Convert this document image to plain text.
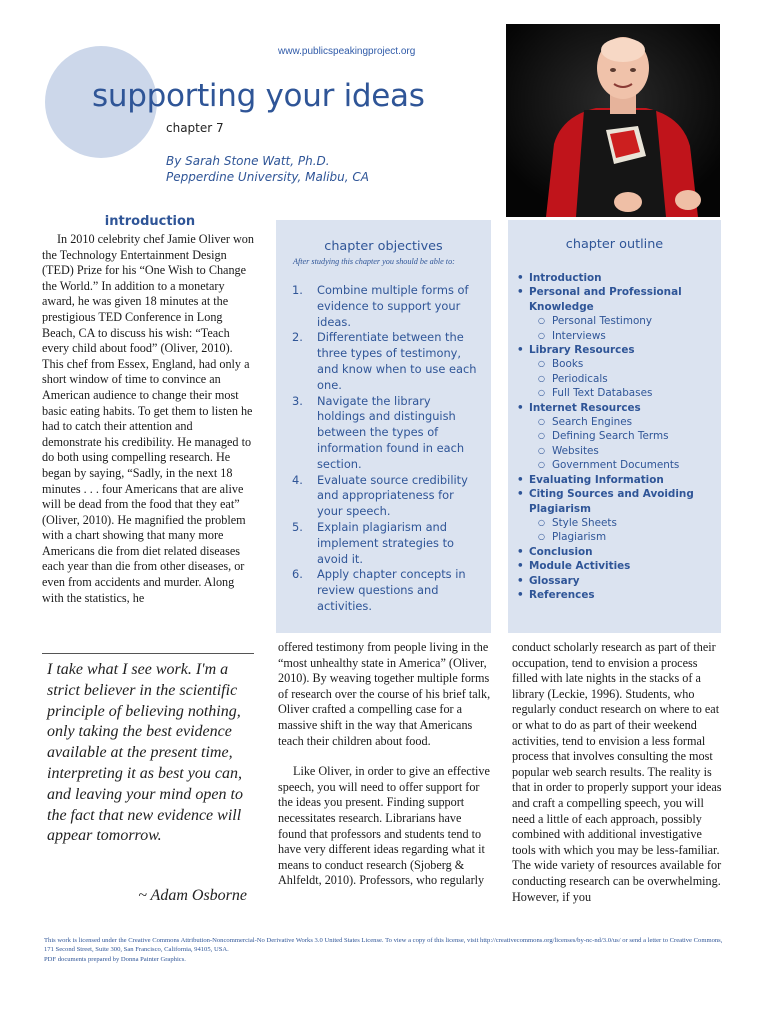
www.publicspeakingproject.org
supporting your ideas
chapter 7
By Sarah Stone Watt, Ph.D.
Pepperdine University, Malibu, CA
introduction

In 2010 celebrity chef Jamie Oliver won the Technology Entertainment Design (TED) Prize for his “One Wish to Change the World.” In addition to a monetary award, he was given 18 minutes at the prestigious TED Conference in Long Beach, CA to discuss his wish: “Teach every child about food” (Oliver, 2010). This chef from Essex, England, had only a short window of time to convince an American audience to change their most basic eating habits. To get them to listen he had to catch their attention and demonstrate his credibility. He managed to do both using compelling research. He began by saying, “Sadly, in the next 18 minutes . . . four Americans that are alive will be dead from the food that they eat” (Oliver, 2010). He magnified the problem with a chart showing that many more Americans die from diet related diseases each year than die from other diseases, or even from accidents and murder. Along with the statistics, he

I take what I see work. I'm a strict believer in the scientific principle of believing nothing, only taking the best evidence available at the present time, interpreting it as best you can, and leaving your mind open to the fact that new evidence will appear tomorrow.
~ Adam Osborne
chapter objectives
After studying this chapter you should be able to:
1. Combine multiple forms of evidence to support your ideas.
2. Differentiate between the three types of testimony, and know when to use each one.
3. Navigate the library holdings and distinguish between the types of information found in each section.
4. Evaluate source credibility and appropriateness for your speech.
5. Explain plagiarism and implement strategies to avoid it.
6. Apply chapter concepts in review questions and activities.
chapter outline
• Introduction
• Personal and Professional Knowledge
○ Personal Testimony
○ Interviews
• Library Resources
○ Books
○ Periodicals
○ Full Text Databases
• Internet Resources
○ Search Engines
○ Defining Search Terms
○ Websites
○ Government Documents
• Evaluating Information
• Citing Sources and Avoiding Plagiarism
○ Style Sheets
○ Plagiarism
• Conclusion
• Module Activities
• Glossary
• References

offered testimony from people living in the “most unhealthy state in America” (Oliver, 2010). By weaving together multiple forms of research over the course of his brief talk, Oliver crafted a compelling case for a massive shift in the way that Americans teach their children about food.

Like Oliver, in order to give an effective speech, you will need to offer support for the ideas you present. Finding support necessitates research. Librarians have found that professors and students tend to have very different ideas regarding what it means to conduct research (Sjoberg & Ahlfeldt, 2010). Professors, who regularly

conduct scholarly research as part of their occupation, tend to envision a process filled with late nights in the stacks of a library (Leckie, 1996). Students, who regularly conduct research on where to eat or what to do as part of their weekend activities, tend to envision a less formal process that involves consulting the most popular web search results. The reality is that in order to properly support your ideas and craft a compelling speech, you will need a little of each approach, possibly combined with additional investigative tools with which you may be less-familiar. The wide variety of resources available for conducting research can be overwhelming. However, if you

This work is licensed under the Creative Commons Attribution-Noncommercial-No Derivative Works 3.0 United States License. To view a copy of this license, visit http://creativecommons.org/licenses/by-nc-nd/3.0/us/ or send a letter to Creative Commons, 171 Second Street, Suite 300, San Francisco, California, 94105, USA.
PDF documents prepared by Donna Painter Graphics.
